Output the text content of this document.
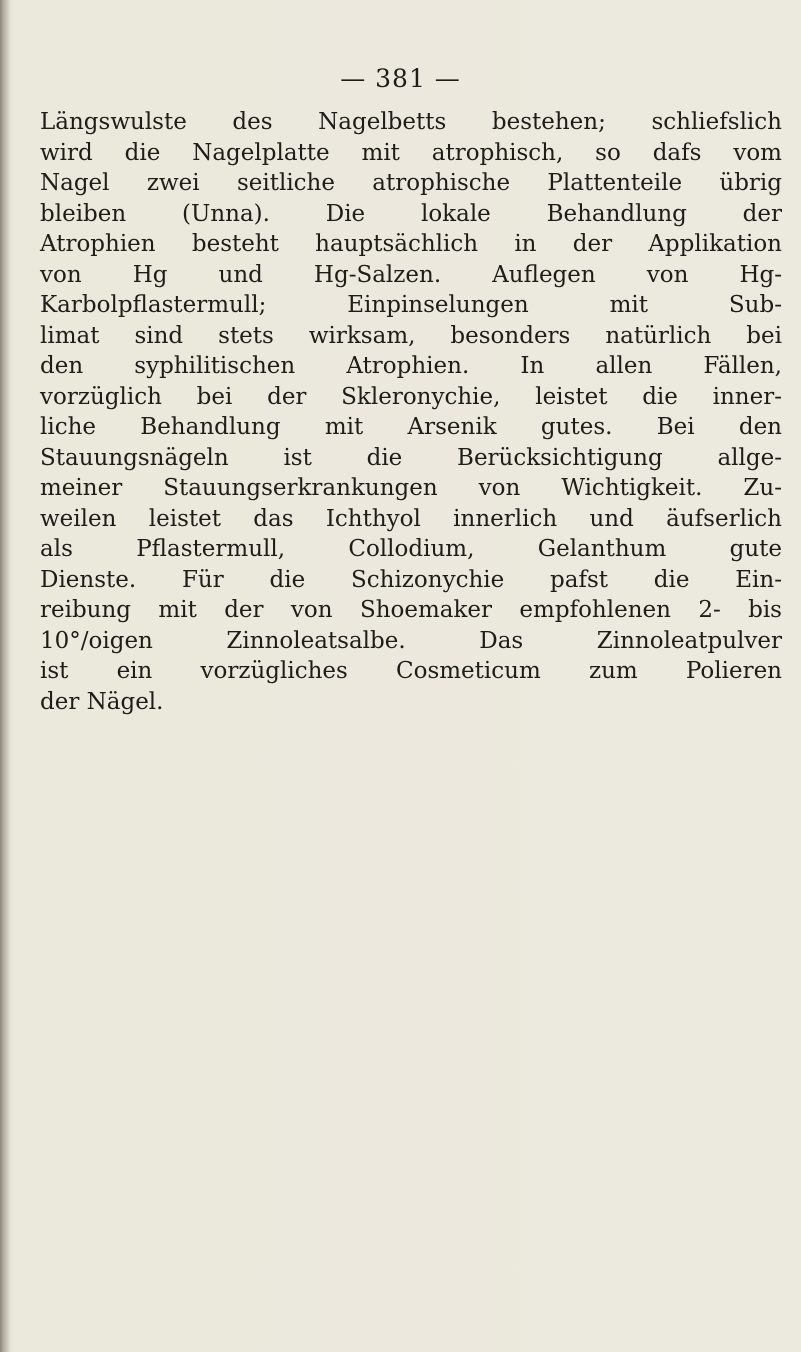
— 381 —
Längswulste des Nagelbetts bestehen; schliefslich
wird die Nagelplatte mit atrophisch, so dafs vom
Nagel zwei seitliche atrophische Plattenteile übrig
bleiben (Unna). Die lokale Behandlung der
Atrophien besteht hauptsächlich in der Applikation
von Hg und Hg-Salzen. Auflegen von Hg-
Karbolpflastermull; Einpinselungen mit Sub-
limat sind stets wirksam, besonders natürlich bei
den syphilitischen Atrophien. In allen Fällen,
vorzüglich bei der Skleronychie, leistet die inner-
liche Behandlung mit Arsenik gutes. Bei den
Stauungsnägeln ist die Berücksichtigung allge-
meiner Stauungserkrankungen von Wichtigkeit. Zu-
weilen leistet das Ichthyol innerlich und äufserlich
als Pflastermull, Collodium, Gelanthum gute
Dienste. Für die Schizonychie pafst die Ein-
reibung mit der von Shoemaker empfohlenen 2- bis
10°/oigen Zinnoleatsalbe. Das Zinnoleatpulver
ist ein vorzügliches Cosmeticum zum Polieren
der Nägel.
